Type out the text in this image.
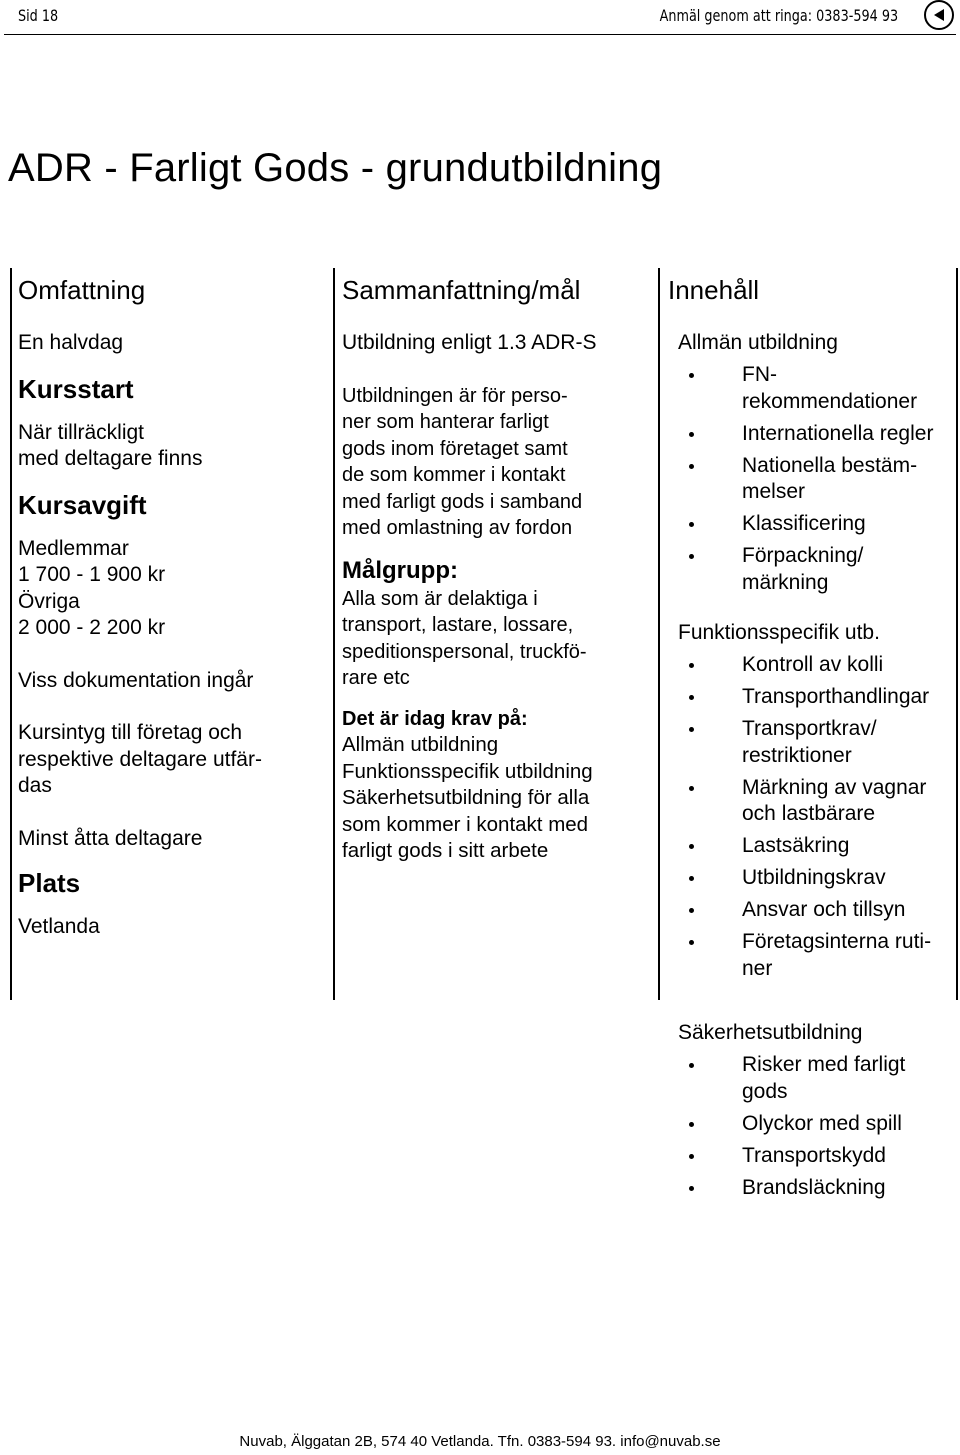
Sid 18	Anmäl genom att ringa: 0383-594 93
ADR - Farligt Gods - grundutbildning
Omfattning
En halvdag
Kursstart
När tillräckligt
med deltagare finns
Kursavgift
Medlemmar
1 700 - 1 900 kr
Övriga
2 000 - 2 200 kr
Viss dokumentation ingår
Kursintyg till företag och
respektive deltagare utfär-
das
Minst åtta deltagare
Plats
Vetlanda
Sammanfattning/mål
Utbildning enligt 1.3 ADR-S
Utbildningen är för perso-
ner som hanterar farligt
gods inom företaget samt
de som kommer i kontakt
med farligt gods i samband
med omlastning av fordon
Målgrupp:
Alla som är delaktiga i
transport, lastare, lossare,
speditionspersonal, truckfö-
rare etc
Det är idag krav på:
Allmän utbildning
Funktionsspecifik utbildning
Säkerhetsutbildning för alla
som kommer i kontakt med
farligt gods i sitt arbete
Innehåll
Allmän utbildning
FN-
rekommendationer
Internationella regler
Nationella bestäm-
melser
Klassificering
Förpackning/
märkning
Funktionsspecifik utb.
Kontroll av kolli
Transporthandlingar
Transportkrav/
restriktioner
Märkning av vagnar
och lastbärare
Lastsäkring
Utbildningskrav
Ansvar och tillsyn
Företagsinterna ruti-
ner
Säkerhetsutbildning
Risker med farligt
gods
Olyckor med spill
Transportskydd
Brandsläckning
Nuvab, Älggatan 2B, 574 40 Vetlanda. Tfn. 0383-594 93. info@nuvab.se
